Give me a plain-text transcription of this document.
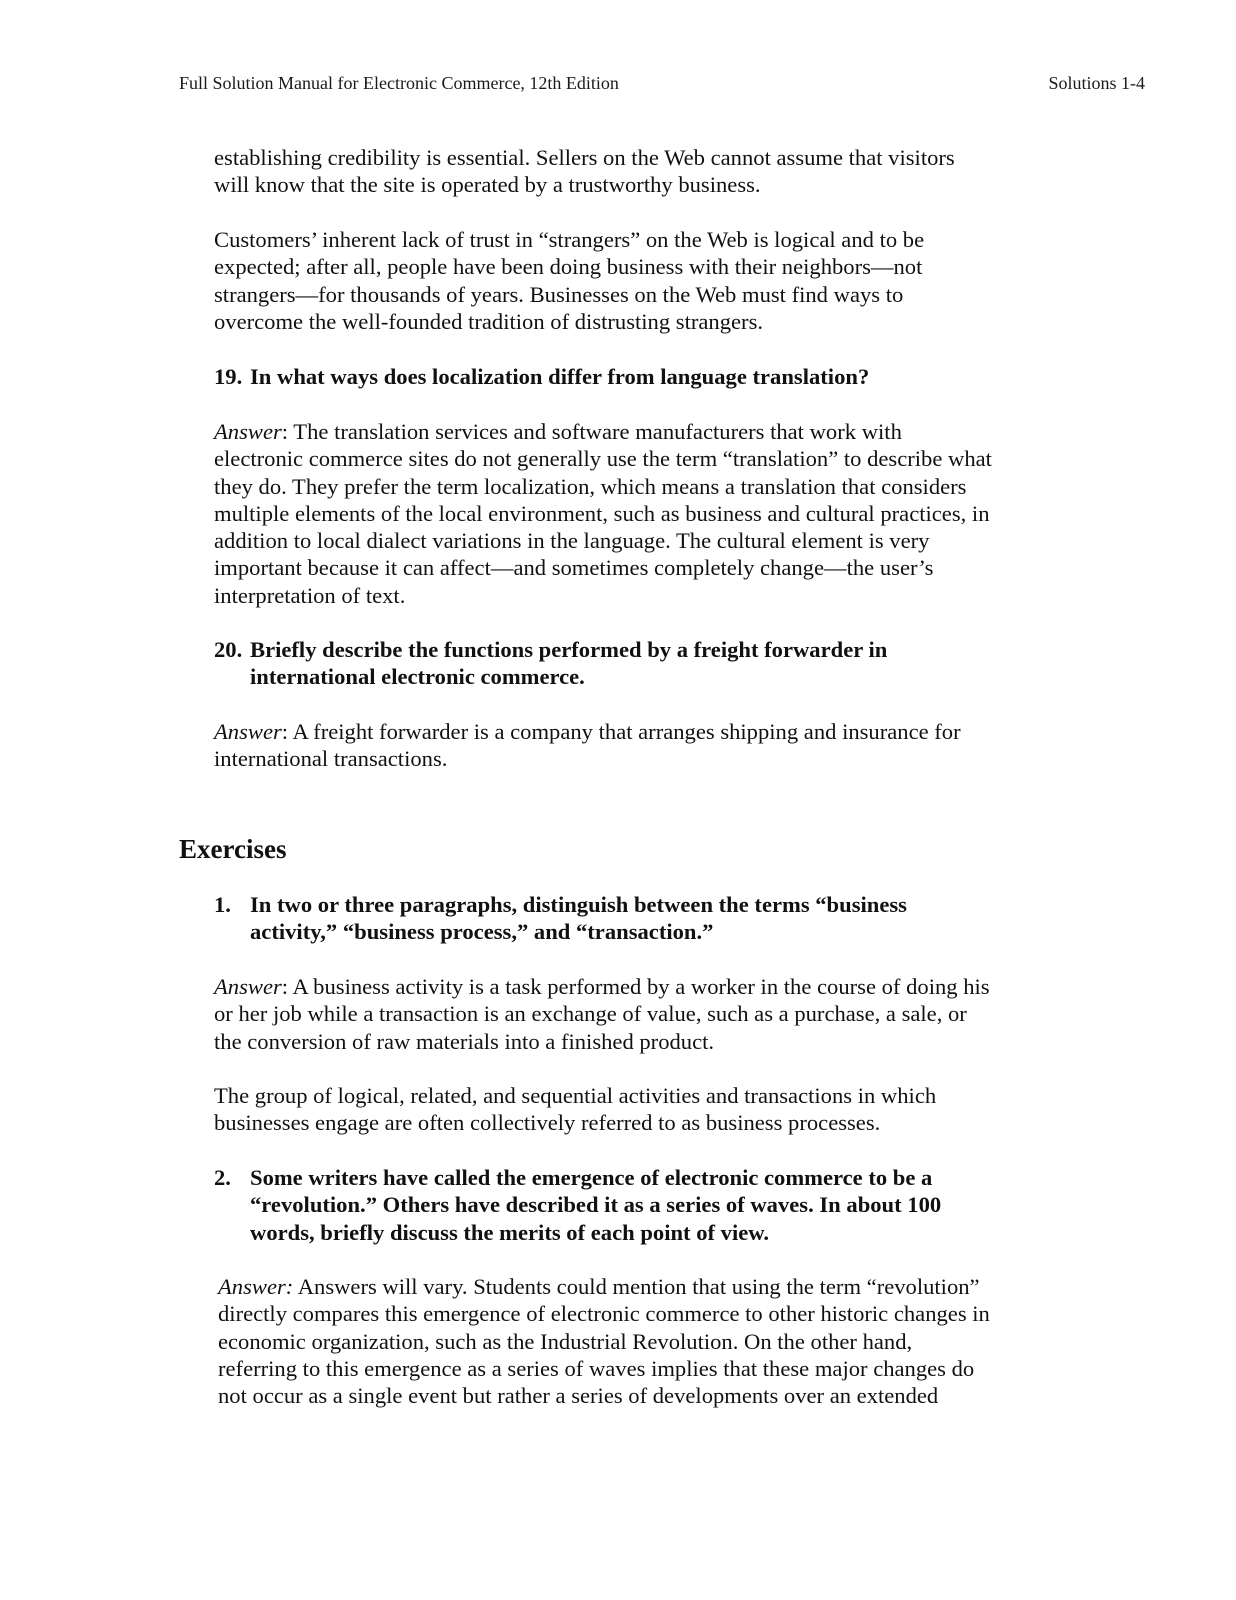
Full Solution Manual for Electronic Commerce, 12th Edition	Solutions 1-4

establishing credibility is essential. Sellers on the Web cannot assume that visitors
will know that the site is operated by a trustworthy business.

Customers’ inherent lack of trust in “strangers” on the Web is logical and to be
expected; after all, people have been doing business with their neighbors—not
strangers—for thousands of years. Businesses on the Web must find ways to
overcome the well-founded tradition of distrusting strangers.

19.

In what ways does localization differ from language translation?

Answer: The translation services and software manufacturers that work with
electronic commerce sites do not generally use the term “translation” to describe what
they do. They prefer the term localization, which means a translation that considers
multiple elements of the local environment, such as business and cultural practices, in
addition to local dialect variations in the language. The cultural element is very
important because it can affect—and sometimes completely change—the user’s
interpretation of text.

20.

Briefly describe the functions performed by a freight forwarder in
international electronic commerce.

Answer: A freight forwarder is a company that arranges shipping and insurance for
international transactions.

Exercises

1.

In two or three paragraphs, distinguish between the terms “business
activity,” “business process,” and “transaction.”

Answer: A business activity is a task performed by a worker in the course of doing his
or her job while a transaction is an exchange of value, such as a purchase, a sale, or
the conversion of raw materials into a finished product.

The group of logical, related, and sequential activities and transactions in which
businesses engage are often collectively referred to as business processes.

2.

Some writers have called the emergence of electronic commerce to be a
“revolution.” Others have described it as a series of waves. In about 100
words, briefly discuss the merits of each point of view.

Answer: Answers will vary. Students could mention that using the term “revolution”
directly compares this emergence of electronic commerce to other historic changes in
economic organization, such as the Industrial Revolution. On the other hand,
referring to this emergence as a series of waves implies that these major changes do
not occur as a single event but rather a series of developments over an extended
